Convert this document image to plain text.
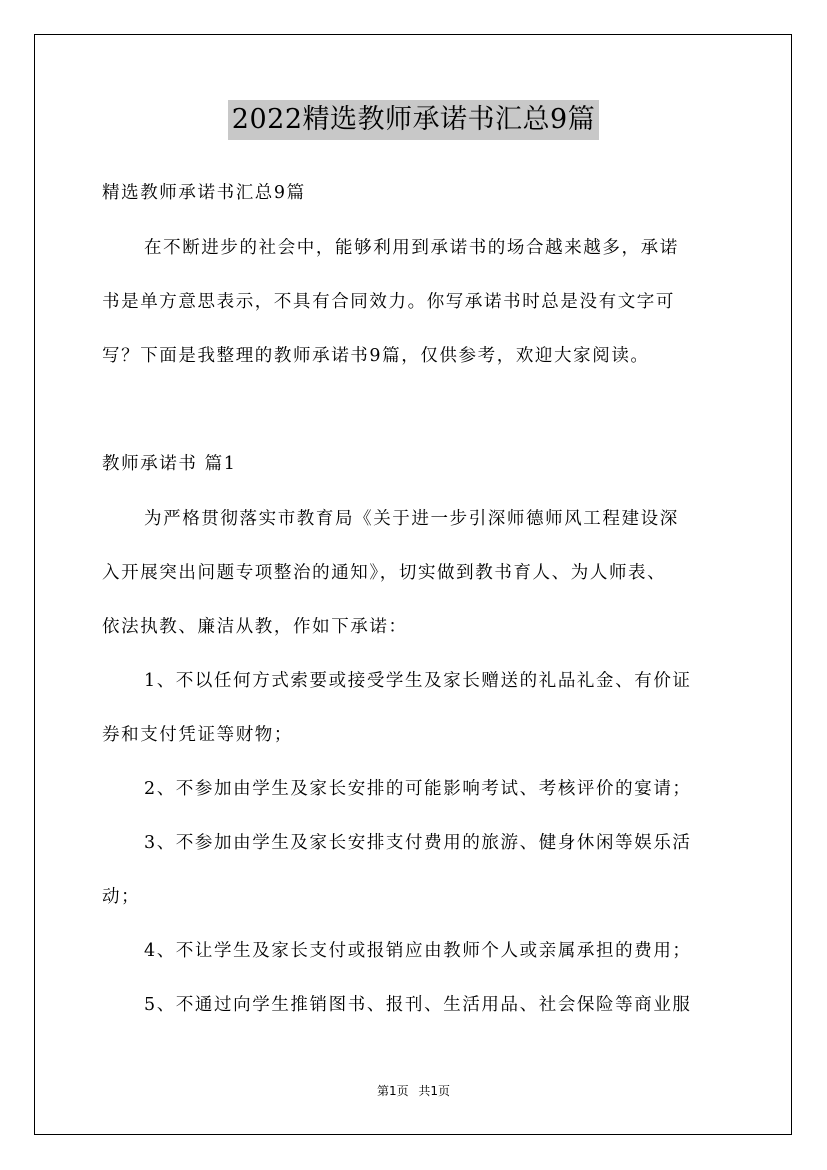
2022精选教师承诺书汇总9篇
精选教师承诺书汇总9篇
在不断进步的社会中，能够利用到承诺书的场合越来越多，承诺
书是单方意思表示，不具有合同效力。你写承诺书时总是没有文字可
写？下面是我整理的教师承诺书9篇，仅供参考，欢迎大家阅读。
教师承诺书 篇1
为严格贯彻落实市教育局《关于进一步引深师德师风工程建设深
入开展突出问题专项整治的通知》，切实做到教书育人、为人师表、
依法执教、廉洁从教，作如下承诺：
1、不以任何方式索要或接受学生及家长赠送的礼品礼金、有价证
券和支付凭证等财物；
2、不参加由学生及家长安排的可能影响考试、考核评价的宴请；
3、不参加由学生及家长安排支付费用的旅游、健身休闲等娱乐活
动；
4、不让学生及家长支付或报销应由教师个人或亲属承担的费用；
5、不通过向学生推销图书、报刊、生活用品、社会保险等商业服
第1页 共1页
